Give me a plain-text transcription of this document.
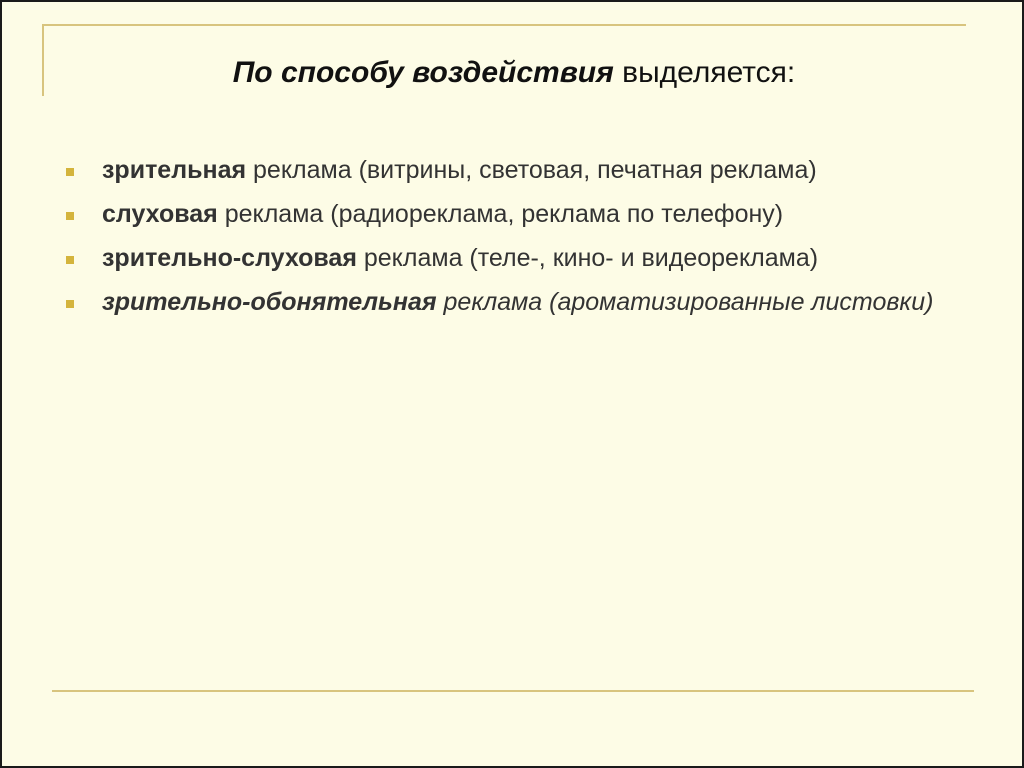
По способу воздействия выделяется:
зрительная реклама (витрины, световая, печатная реклама)
слуховая реклама (радиореклама, реклама по телефону)
зрительно-слуховая реклама (теле-, кино- и видеореклама)
зрительно-обонятельная реклама (ароматизированные листовки)
